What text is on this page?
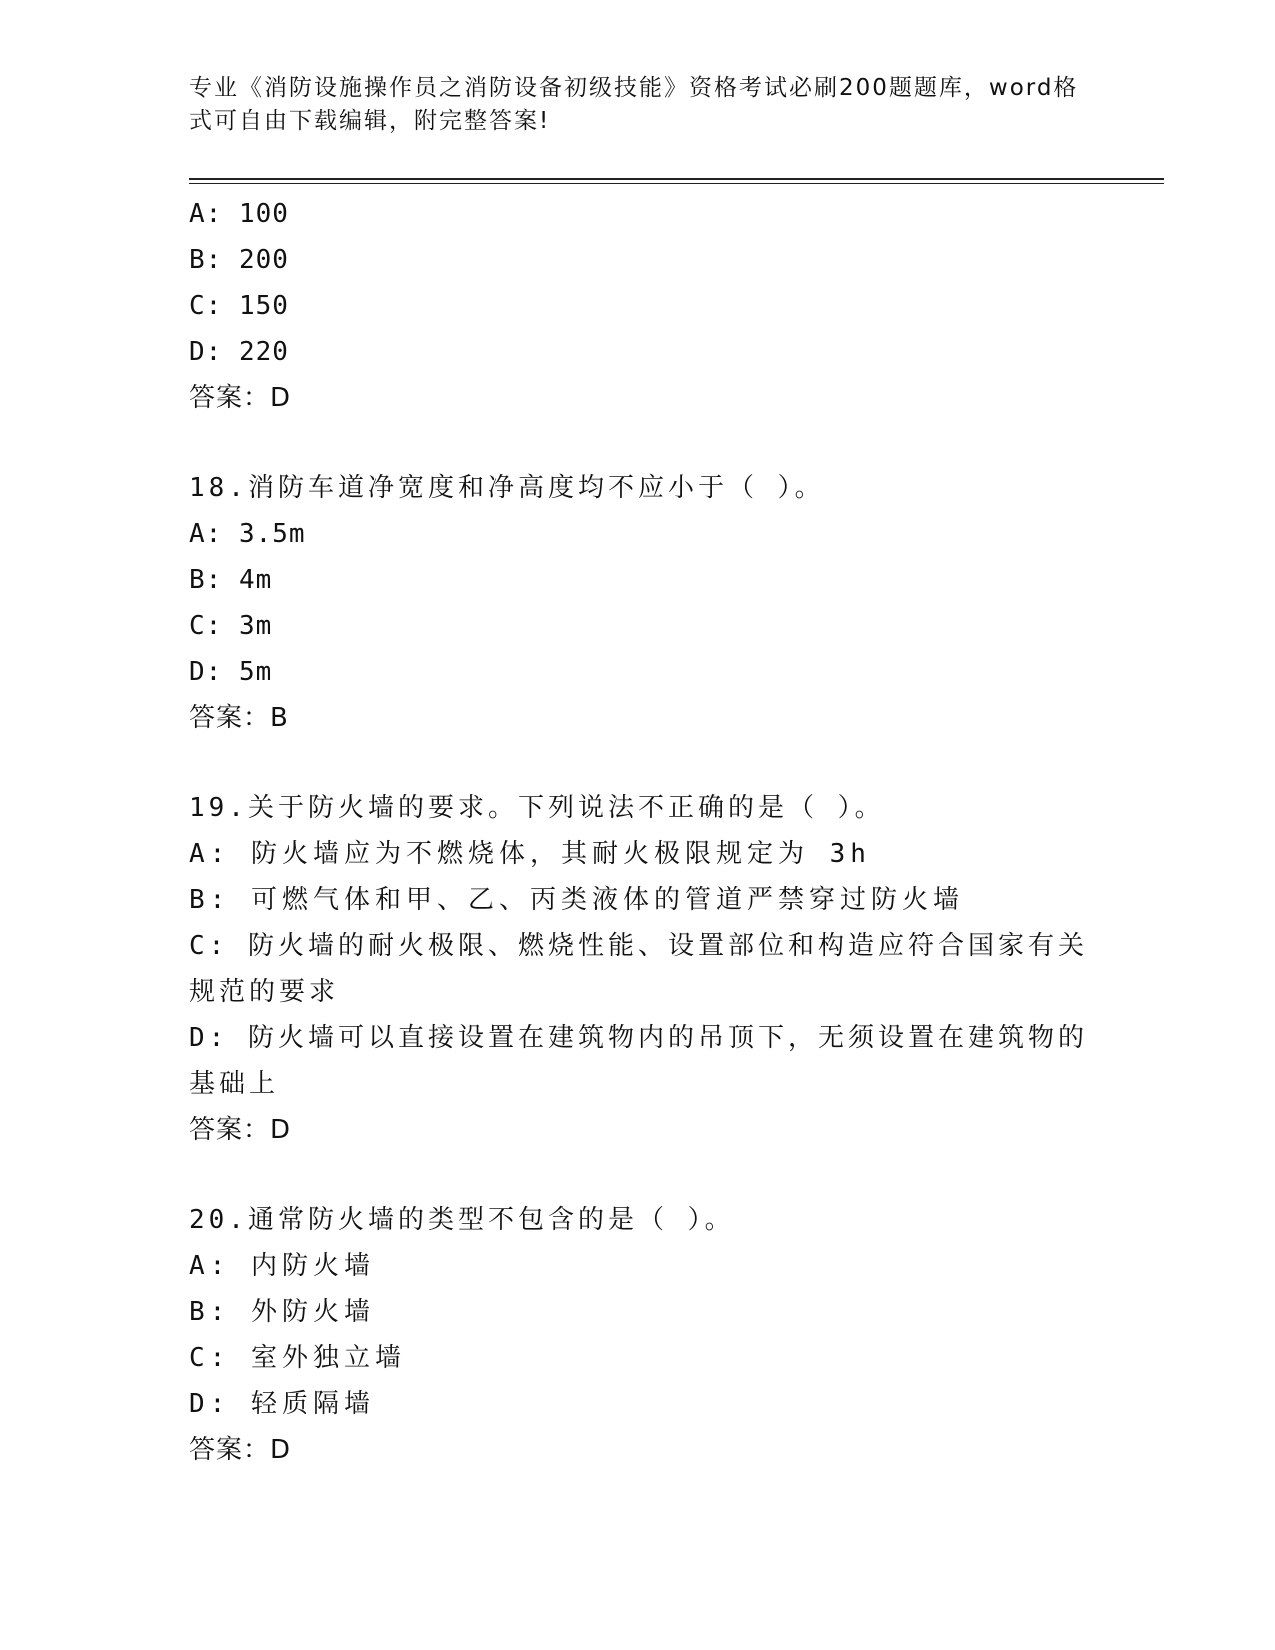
专业《消防设施操作员之消防设备初级技能》资格考试必刷200题题库，word格式可自由下载编辑，附完整答案!
A: 100
B: 200
C: 150
D: 220
答案：D
18.消防车道净宽度和净高度均不应小于（ ）。
A: 3.5m
B: 4m
C: 3m
D: 5m
答案：B
19.关于防火墙的要求。下列说法不正确的是（ ）。
A: 防火墙应为不燃烧体，其耐火极限规定为 3h
B: 可燃气体和甲、乙、丙类液体的管道严禁穿过防火墙
C: 防火墙的耐火极限、燃烧性能、设置部位和构造应符合国家有关规范的要求
D: 防火墙可以直接设置在建筑物内的吊顶下，无须设置在建筑物的基础上
答案：D
20.通常防火墙的类型不包含的是（ ）。
A: 内防火墙
B: 外防火墙
C: 室外独立墙
D: 轻质隔墙
答案：D
